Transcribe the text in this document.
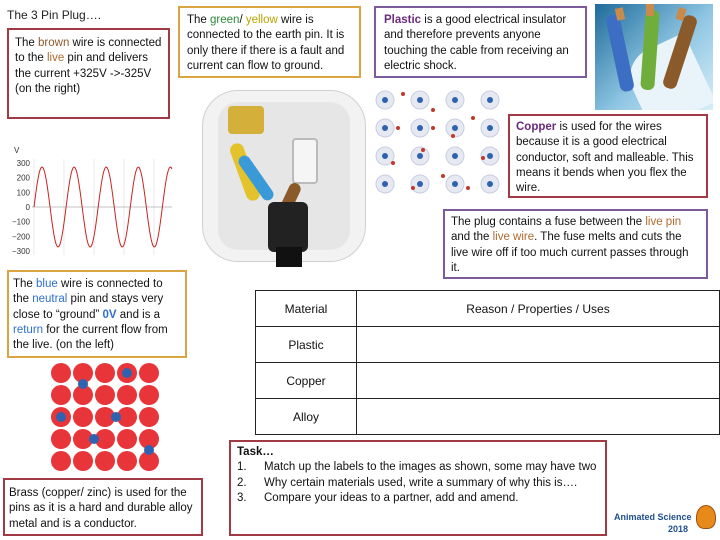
The 3 Pin Plug….
The brown wire is connected to the live pin and delivers the current +325V ->-325V (on the right)
The green/ yellow wire is connected to the earth pin. It is only there if there is a fault and current can flow to ground.
Plastic is a good electrical insulator and therefore prevents anyone touching the cable from receiving an electric shock.
V
300
200
100
0
−100
−200
−300
Copper is used for the wires because it is a good electrical conductor, soft and malleable. This means it bends when you flex the wire.
The plug contains a fuse between the live pin and the live wire. The fuse melts and cuts the live wire off if too much current passes through it.
The blue wire is connected to the neutral pin and stays very close to “ground” 0V and is a return for the current flow from the live. (on the left)
Brass (copper/ zinc) is used for the pins as it is a hard and durable alloy metal and is a conductor.
Material	Reason / Properties / Uses
Plastic	
Copper	
Alloy	
Task…
1.	Match up the labels to the images as shown, some may have two
2.	Why certain materials used, write a summary of why this is….
3.	Compare your ideas to a partner, add and amend.
Animated Science
2018
